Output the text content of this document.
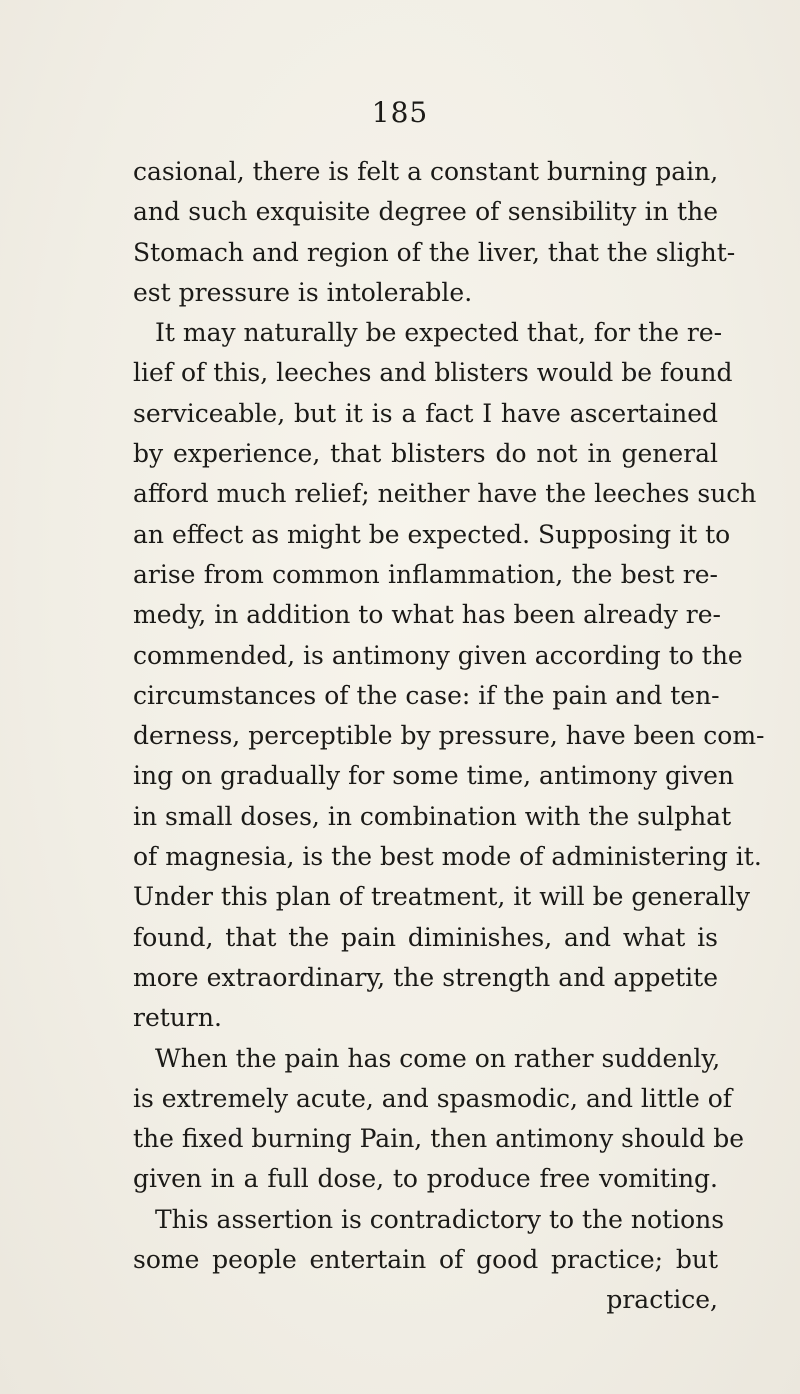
185

casional, there is felt a constant burning pain,

and such exquisite degree of sensibility in the

Stomach and region of the liver, that the slight-

est pressure is intolerable.

It may naturally be expected that, for the re-

lief of this, leeches and blisters would be found

serviceable, but it is a fact I have ascertained

by experience, that blisters do not in general

afford much relief; neither have the leeches such

an effect as might be expected. Supposing it to

arise from common inflammation, the best re-

medy, in addition to what has been already re-

commended, is antimony given according to the

circumstances of the case: if the pain and ten-

derness, perceptible by pressure, have been com-

ing on gradually for some time, antimony given

in small doses, in combination with the sulphat

of magnesia, is the best mode of administering it.

Under this plan of treatment, it will be generally

found, that the pain diminishes, and what is

more extraordinary, the strength and appetite

return.

When the pain has come on rather suddenly,

is extremely acute, and spasmodic, and little of

the fixed burning Pain, then antimony should be

given in a full dose, to produce free vomiting.

This assertion is contradictory to the notions

some people entertain of good practice; but

practice,
